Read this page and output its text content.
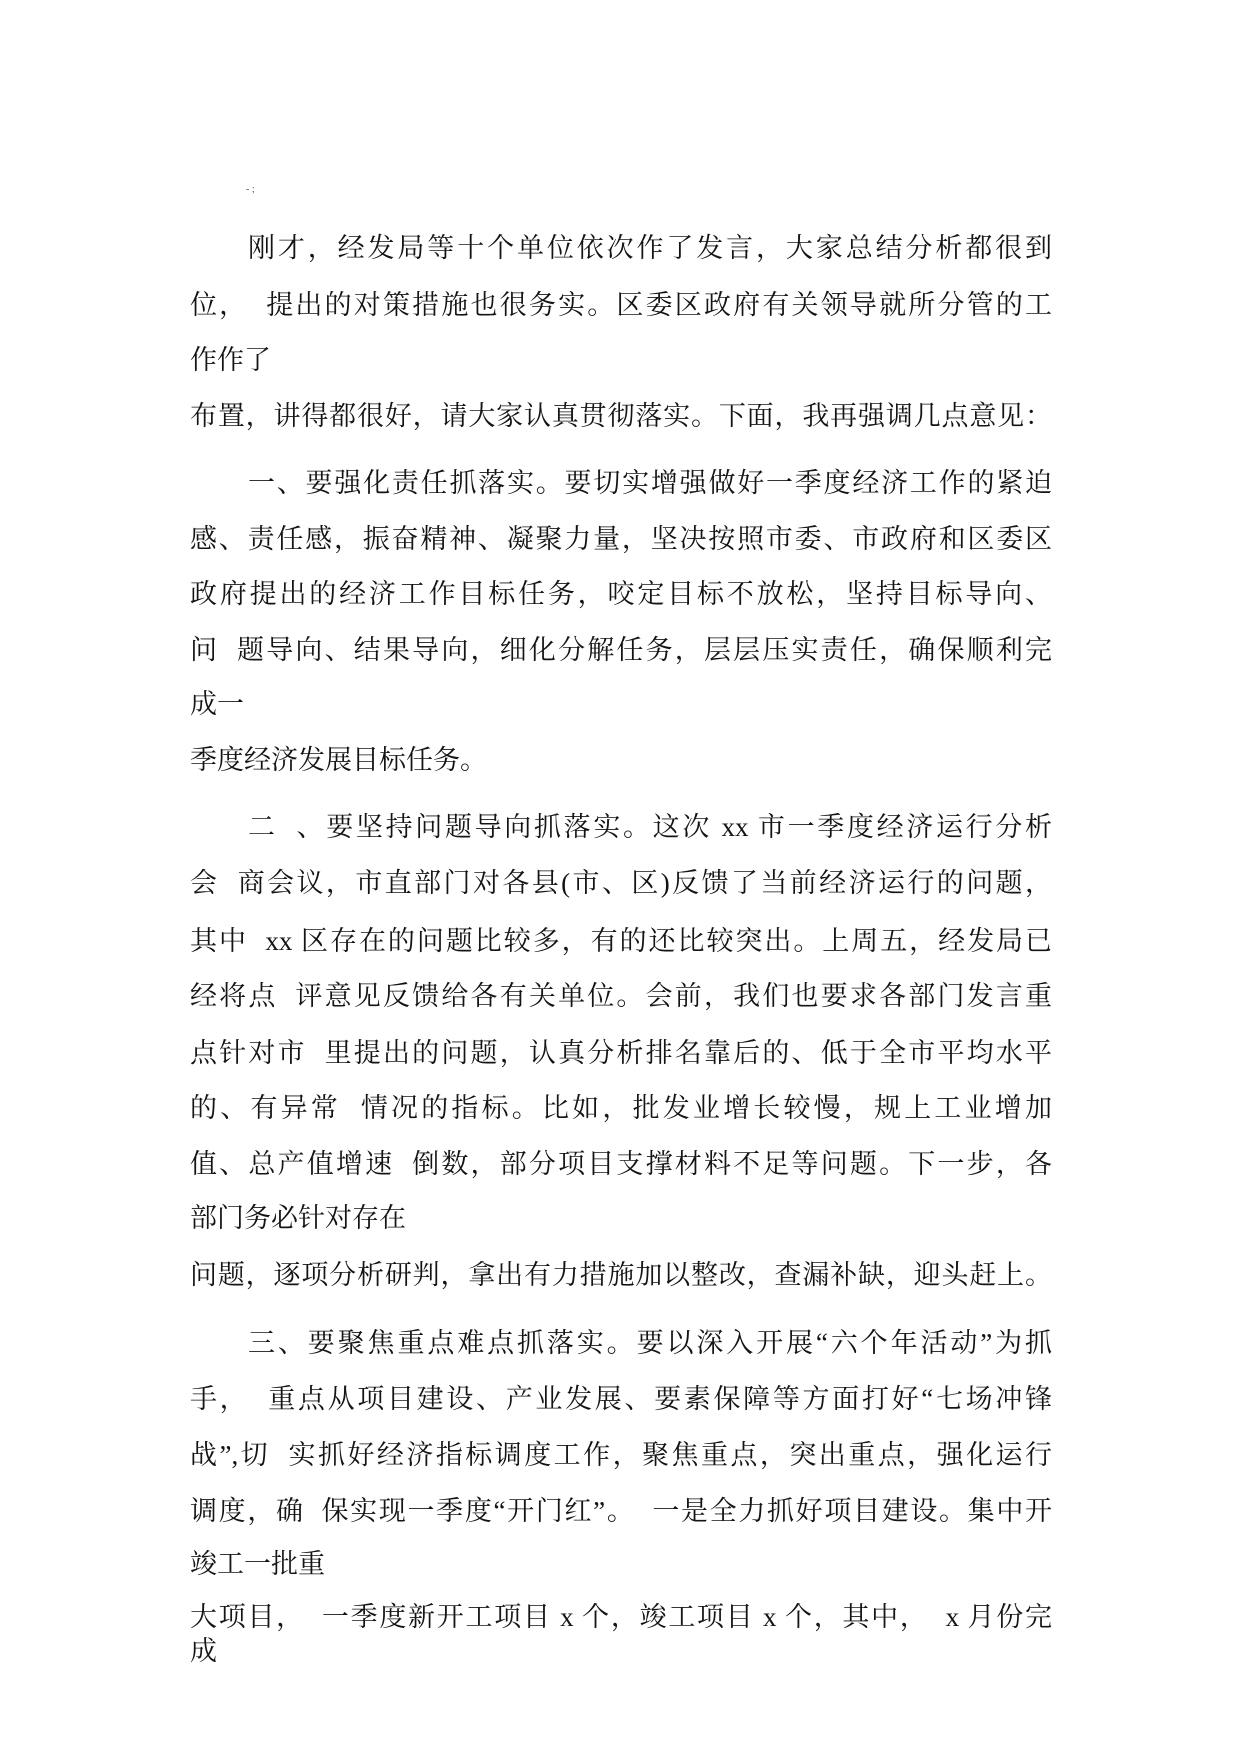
- ;
刚才，经发局等十个单位依次作了发言，大家总结分析都很到
位，  提出的对策措施也很务实。区委区政府有关领导就所分管的工
作作了
布置，讲得都很好，请大家认真贯彻落实。下面，我再强调几点意见：
一、要强化责任抓落实。要切实增强做好一季度经济工作的紧迫
感、责任感，振奋精神、凝聚力量，坚决按照市委、市政府和区委区
政府提出的经济工作目标任务，咬定目标不放松，坚持目标导向、
问  题导向、结果导向，细化分解任务，层层压实责任，确保顺利完
成一
季度经济发展目标任务。
二  、要坚持问题导向抓落实。这次 xx 市一季度经济运行分析
会  商会议，市直部门对各县(市、区)反馈了当前经济运行的问题，
其中  xx 区存在的问题比较多，有的还比较突出。上周五，经发局已
经将点  评意见反馈给各有关单位。会前，我们也要求各部门发言重
点针对市  里提出的问题，认真分析排名靠后的、低于全市平均水平
的、有异常  情况的指标。比如，批发业增长较慢，规上工业增加
值、总产值增速  倒数，部分项目支撑材料不足等问题。下一步，各
部门务必针对存在
问题，逐项分析研判，拿出有力措施加以整改，查漏补缺，迎头赶上。
三、要聚焦重点难点抓落实。要以深入开展“六个年活动”为抓
手，  重点从项目建设、产业发展、要素保障等方面打好“七场冲锋
战”,切  实抓好经济指标调度工作，聚焦重点，突出重点，强化运行
调度，确  保实现一季度“开门红”。  一是全力抓好项目建设。集中开
竣工一批重
大项目，  一季度新开工项目 x 个，竣工项目 x 个，其中，  x 月份完
成
